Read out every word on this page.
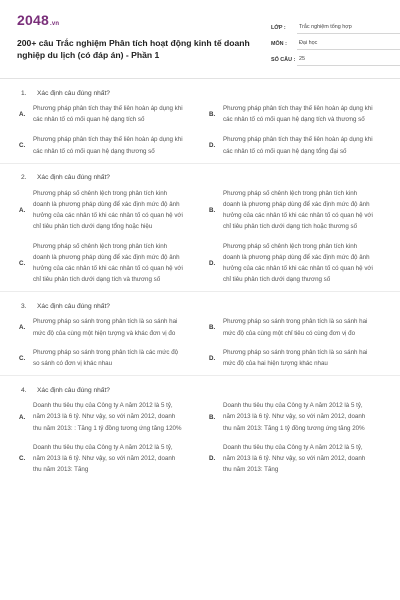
2048.vn
200+ câu Trắc nghiệm Phân tích hoạt động kinh tế doanh nghiệp du lịch (có đáp án) - Phần 1
LỚP :	Trắc nghiệm tổng hợp
MÔN :	Đại học
SỐ CÂU : 25
1.	Xác định câu đúng nhất?
A.
Phương pháp phân tích thay thế liên hoàn áp dụng khi các nhân tố có mối quan hệ dạng tích số
B.
Phương pháp phân tích thay thế liên hoàn áp dụng khi các nhân tố có mối quan hệ dạng tích và thương số
C.
Phương pháp phân tích thay thế liên hoàn áp dụng khi các nhân tố có mối quan hệ dạng thương số
D.
Phương pháp phân tích thay thế liên hoàn áp dụng khi các nhân tố có mối quan hệ dạng tổng đại số
2.	Xác định câu đúng nhất?
A.
Phương pháp số chênh lệch trong phân tích kinh doanh là phương pháp dùng để xác định mức độ ảnh hưởng của các nhân tố khi các nhân tố có quan hệ với chỉ tiêu phân tích dưới dạng tổng hoặc hiệu
B.
Phương pháp số chênh lệch trong phân tích kinh doanh là phương pháp dùng để xác định mức độ ảnh hưởng của các nhân tố khi các nhân tố có quan hệ với chỉ tiêu phân tích dưới dạng tích hoặc thương số
C.
Phương pháp số chênh lệch trong phân tích kinh doanh là phương pháp dùng để xác định mức độ ảnh hưởng của các nhân tố khi các nhân tố có quan hệ với chỉ tiêu phân tích dưới dạng tích và thương số
D.
Phương pháp số chênh lệch trong phân tích kinh doanh là phương pháp dùng để xác định mức độ ảnh hưởng của các nhân tố khi các nhân tố có quan hệ với chỉ tiêu phân tích dưới dạng thương số
3.	Xác định câu đúng nhất?
A.
Phương pháp so sánh trong phân tích là so sánh hai mức độ của cùng một hiện tượng và khác đơn vị đo
B.
Phương pháp so sánh trong phân tích là so sánh hai mức độ của cùng một chỉ tiêu có cùng đơn vị đo
C.
Phương pháp so sánh trong phân tích là các mức độ so sánh có đơn vị khác nhau
D.
Phương pháp so sánh trong phân tích là so sánh hai mức độ của hai hiện tượng khác nhau
4.	Xác định câu đúng nhất?
A.
Doanh thu tiêu thụ của Công ty A năm 2012 là 5 tỷ, năm 2013 là 6 tỷ. Như vậy, so với năm 2012, doanh thu năm 2013: : Tăng 1 tỷ đồng tương ứng tăng 120%
B.
Doanh thu tiêu thụ của Công ty A năm 2012 là 5 tỷ, năm 2013 là 6 tỷ. Như vậy, so với năm 2012, doanh thu năm 2013: Tăng 1 tỷ đồng tương ứng tăng 20%
C.
Doanh thu tiêu thụ của Công ty A năm 2012 là 5 tỷ, năm 2013 là 6 tỷ. Như vậy, so với năm 2012, doanh thu năm 2013: Tăng
D.
Doanh thu tiêu thụ của Công ty A năm 2012 là 5 tỷ, năm 2013 là 6 tỷ. Như vậy, so với năm 2012, doanh thu năm 2013: Tăng
